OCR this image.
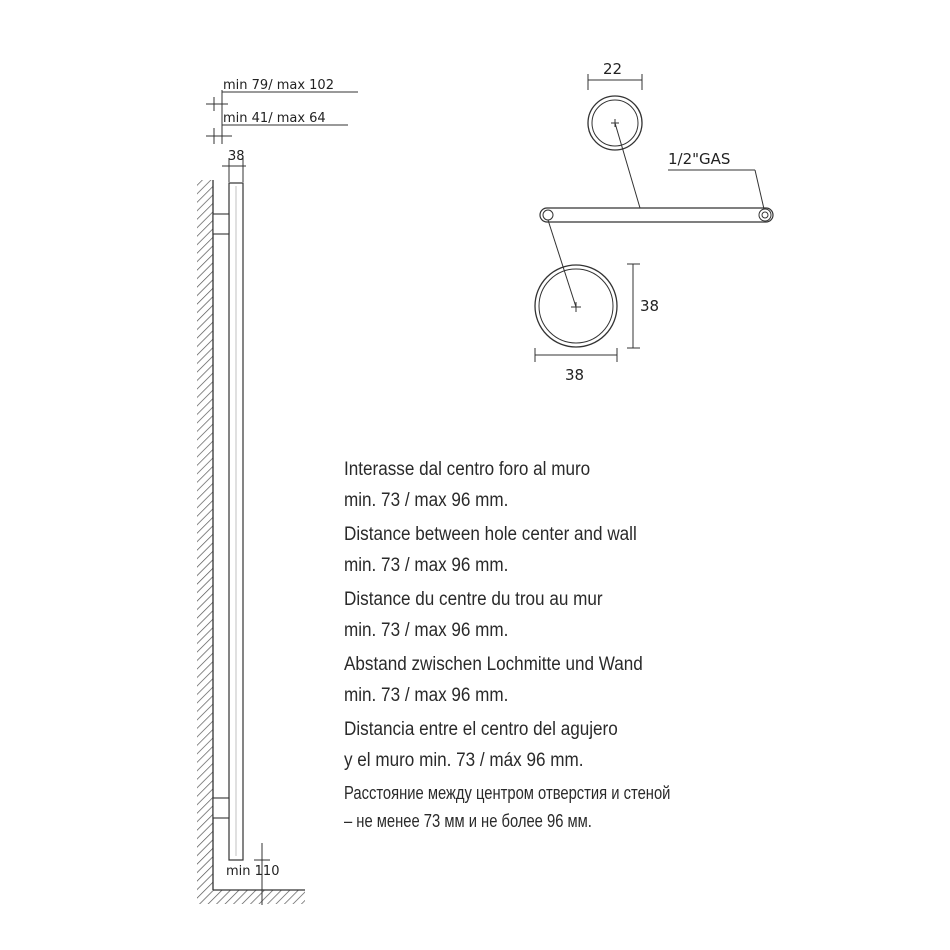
min 79/ max 102
min 41/ max 64
38
min 110
22
1/2"GAS
38
38

Interasse dal centro foro al muro

min. 73 / max 96 mm.

Distance between hole center and wall

min. 73 / max 96 mm.

Distance du centre du trou au mur

min. 73 / max 96 mm.

Abstand zwischen Lochmitte und Wand

min. 73 / max 96 mm.

Distancia entre el centro del agujero

y el muro min. 73 / máx 96 mm.

Расстояние между центром отверстия и стеной

– не менее 73 мм и не более 96 мм.
